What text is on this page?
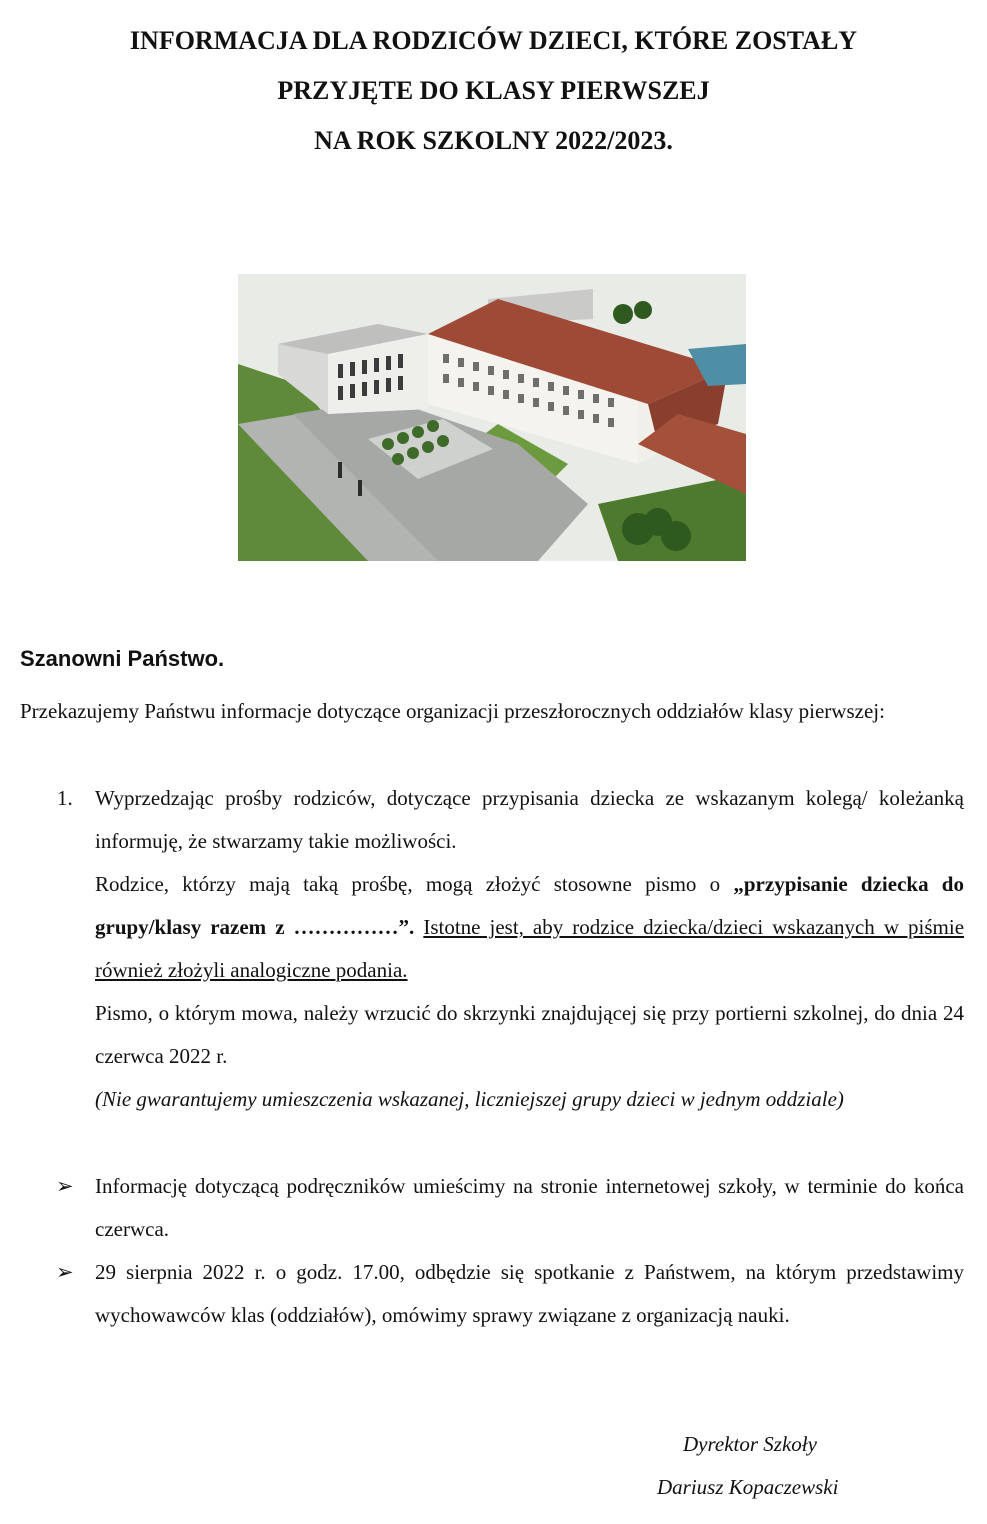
INFORMACJA DLA RODZICÓW DZIECI, KTÓRE ZOSTAŁY
PRZYJĘTE DO KLASY PIERWSZEJ
NA ROK SZKOLNY 2022/2023.
Szanowni Państwo.

Przekazujemy Państwu informacje dotyczące organizacji przeszłorocznych oddziałów klasy pierwszej:

1. Wyprzedzając prośby rodziców, dotyczące przypisania dziecka ze wskazanym kolegą/ koleżanką informuję, że stwarzamy takie możliwości.

Rodzice, którzy mają taką prośbę, mogą złożyć stosowne pismo o „przypisanie dziecka do grupy/klasy razem z ……………”. Istotne jest, aby rodzice dziecka/dzieci wskazanych w piśmie również złożyli analogiczne podania.

Pismo, o którym mowa, należy wrzucić do skrzynki znajdującej się przy portierni szkolnej, do dnia 24 czerwca 2022 r.

(Nie gwarantujemy umieszczenia wskazanej, liczniejszej grupy dzieci w jednym oddziale)

➢ Informację dotyczącą podręczników umieścimy na stronie internetowej szkoły, w terminie do końca czerwca.

➢ 29 sierpnia 2022 r. o godz. 17.00, odbędzie się spotkanie z Państwem, na którym przedstawimy wychowawców klas (oddziałów), omówimy sprawy związane z organizacją nauki.

Dyrektor Szkoły

Dariusz Kopaczewski
